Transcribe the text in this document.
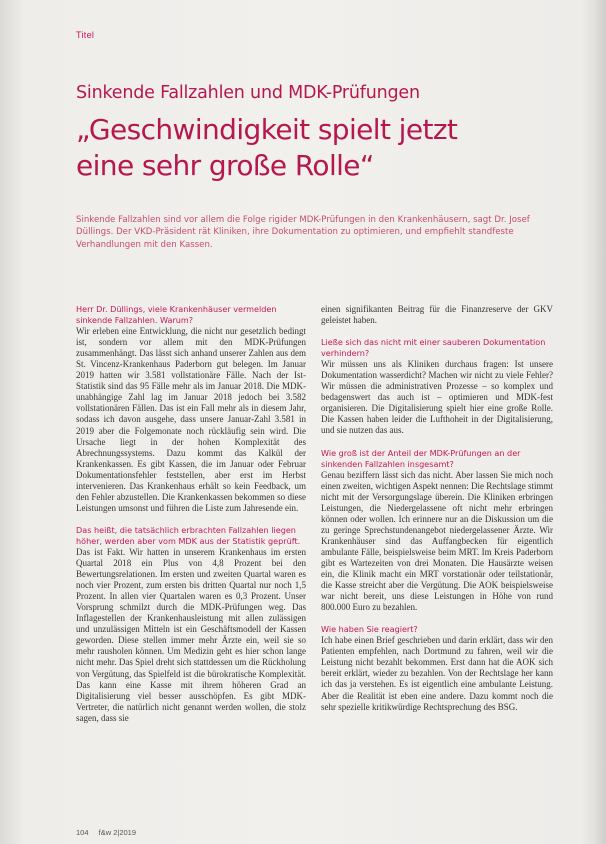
Titel
Sinkende Fallzahlen und MDK-Prüfungen
„Geschwindigkeit spielt jetzt
eine sehr große Rolle“
Sinkende Fallzahlen sind vor allem die Folge rigider MDK-Prüfungen in den Krankenhäusern, sagt Dr. Josef Düllings. Der VKD-Präsident rät Kliniken, ihre Dokumentation zu optimieren, und empfiehlt standfeste Verhandlungen mit den Kassen.

Herr Dr. Düllings, viele Krankenhäuser vermelden sinkende Fallzahlen. Warum?

Wir erleben eine Entwicklung, die nicht nur gesetzlich bedingt ist, sondern vor allem mit den MDK-Prüfungen zusammenhängt. Das lässt sich anhand unserer Zahlen aus dem St. Vincenz-Krankenhaus Paderborn gut belegen. Im Januar 2019 hatten wir 3.581 vollstationäre Fälle. Nach der Ist-Statistik sind das 95 Fälle mehr als im Januar 2018. Die MDK-unabhängige Zahl lag im Januar 2018 jedoch bei 3.582 vollstationären Fällen. Das ist ein Fall mehr als in diesem Jahr, sodass ich davon ausgehe, dass unsere Januar-Zahl 3.581 in 2019 aber die Folgemonate noch rückläufig sein wird. Die Ursache liegt in der hohen Komplexität des Abrechnungssystems. Dazu kommt das Kalkül der Krankenkassen. Es gibt Kassen, die im Januar oder Februar Dokumentationsfehler feststellen, aber erst im Herbst intervenieren. Das Krankenhaus erhält so kein Feedback, um den Fehler abzustellen. Die Krankenkassen bekommen so diese Leistungen umsonst und führen die Liste zum Jahresende ein.

Das heißt, die tatsächlich erbrachten Fallzahlen liegen höher, werden aber vom MDK aus der Statistik geprüft.

Das ist Fakt. Wir hatten in unserem Krankenhaus im ersten Quartal 2018 ein Plus von 4,8 Prozent bei den Bewertungsrelationen. Im ersten und zweiten Quartal waren es noch vier Prozent, zum ersten bis dritten Quartal nur noch 1,5 Prozent. In allen vier Quartalen waren es 0,3 Prozent. Unser Vorsprung schmilzt durch die MDK-Prüfungen weg. Das Inflagestellen der Krankenhausleistung mit allen zulässigen und unzulässigen Mitteln ist ein Geschäftsmodell der Kassen geworden. Diese stellen immer mehr Ärzte ein, weil sie so mehr rausholen können. Um Medizin geht es hier schon lange nicht mehr. Das Spiel dreht sich stattdessen um die Rückholung von Vergütung, das Spielfeld ist die bürokratische Komplexität. Das kann eine Kasse mit ihrem höheren Grad an Digitalisierung viel besser ausschöpfen. Es gibt MDK-Vertreter, die natürlich nicht genannt werden wollen, die stolz sagen, dass sie

einen signifikanten Beitrag für die Finanzreserve der GKV geleistet haben.

Ließe sich das nicht mit einer sauberen Dokumentation verhindern?

Wir müssen uns als Kliniken durchaus fragen: Ist unsere Dokumentation wasserdicht? Machen wir nicht zu viele Fehler? Wir müssen die administrativen Prozesse – so komplex und bedagenswert das auch ist – optimieren und MDK-fest organisieren. Die Digitalisierung spielt hier eine große Rolle. Die Kassen haben leider die Lufthoheit in der Digitalisierung, und sie nutzen das aus.

Wie groß ist der Anteil der MDK-Prüfungen an der sinkenden Fallzahlen insgesamt?

Genau beziffern lässt sich das nicht. Aber lassen Sie mich noch einen zweiten, wichtigen Aspekt nennen: Die Rechtslage stimmt nicht mit der Versorgungslage überein. Die Kliniken erbringen Leistungen, die Niedergelassene oft nicht mehr erbringen können oder wollen. Ich erinnere nur an die Diskussion um die zu geringe Sprechstundenangebot niedergelassener Ärzte. Wir Krankenhäuser sind das Auffangbecken für eigentlich ambulante Fälle, beispielsweise beim MRT. Im Kreis Paderborn gibt es Wartezeiten von drei Monaten. Die Hausärzte weisen ein, die Klinik macht ein MRT vorstationär oder teilstationär, die Kasse streicht aber die Vergütung. Die AOK beispielsweise war nicht bereit, uns diese Leistungen in Höhe von rund 800.000 Euro zu bezahlen.

Wie haben Sie reagiert?

Ich habe einen Brief geschrieben und darin erklärt, dass wir den Patienten empfehlen, nach Dortmund zu fahren, weil wir die Leistung nicht bezahlt bekommen. Erst dann hat die AOK sich bereit erklärt, wieder zu bezahlen. Von der Rechtslage her kann ich das ja verstehen. Es ist eigentlich eine ambulante Leistung. Aber die Realität ist eben eine andere. Dazu kommt noch die sehr spezielle kritikwürdige Rechtsprechung des BSG.

104 f&w 2|2019
